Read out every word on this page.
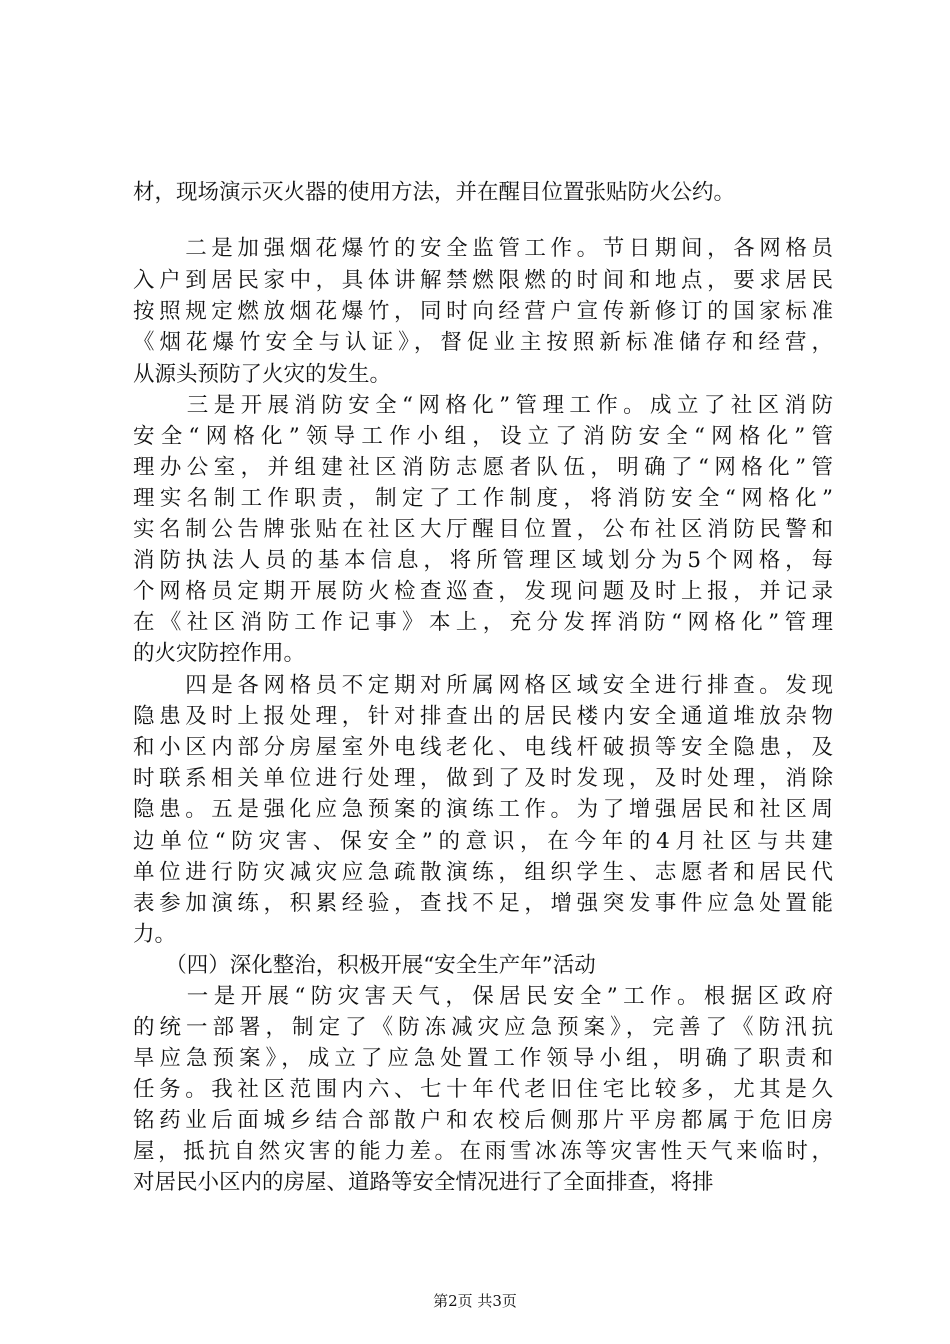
材，现场演示灭火器的使用方法，并在醒目位置张贴防火公约。
　　二是加强烟花爆竹的安全监管工作。节日期间，各网格员
入户到居民家中，具体讲解禁燃限燃的时间和地点，要求居民
按照规定燃放烟花爆竹，同时向经营户宣传新修订的国家标准
《烟花爆竹安全与认证》，督促业主按照新标准储存和经营，
从源头预防了火灾的发生。
　　三是开展消防安全“网格化”管理工作。成立了社区消防
安全“网格化”领导工作小组，设立了消防安全“网格化”管
理办公室，并组建社区消防志愿者队伍，明确了“网格化”管
理实名制工作职责，制定了工作制度，将消防安全“网格化”
实名制公告牌张贴在社区大厅醒目位置，公布社区消防民警和
消防执法人员的基本信息，将所管理区域划分为5个网格，每
个网格员定期开展防火检查巡查，发现问题及时上报，并记录
在《社区消防工作记事》本上，充分发挥消防“网格化”管理
的火灾防控作用。
　　四是各网格员不定期对所属网格区域安全进行排查。发现
隐患及时上报处理，针对排查出的居民楼内安全通道堆放杂物
和小区内部分房屋室外电线老化、电线杆破损等安全隐患，及
时联系相关单位进行处理，做到了及时发现，及时处理，消除
隐患。五是强化应急预案的演练工作。为了增强居民和社区周
边单位“防灾害、保安全”的意识，在今年的4月社区与共建
单位进行防灾减灾应急疏散演练，组织学生、志愿者和居民代
表参加演练，积累经验，查找不足，增强突发事件应急处置能
力。
　　（四）深化整治，积极开展“安全生产年”活动
　　一是开展“防灾害天气，保居民安全”工作。根据区政府
的统一部署，制定了《防冻减灾应急预案》，完善了《防汛抗
旱应急预案》，成立了应急处置工作领导小组，明确了职责和
任务。我社区范围内六、七十年代老旧住宅比较多，尤其是久
铭药业后面城乡结合部散户和农校后侧那片平房都属于危旧房
屋，抵抗自然灾害的能力差。在雨雪冰冻等灾害性天气来临时，
对居民小区内的房屋、道路等安全情况进行了全面排查，将排
第2页 共3页
